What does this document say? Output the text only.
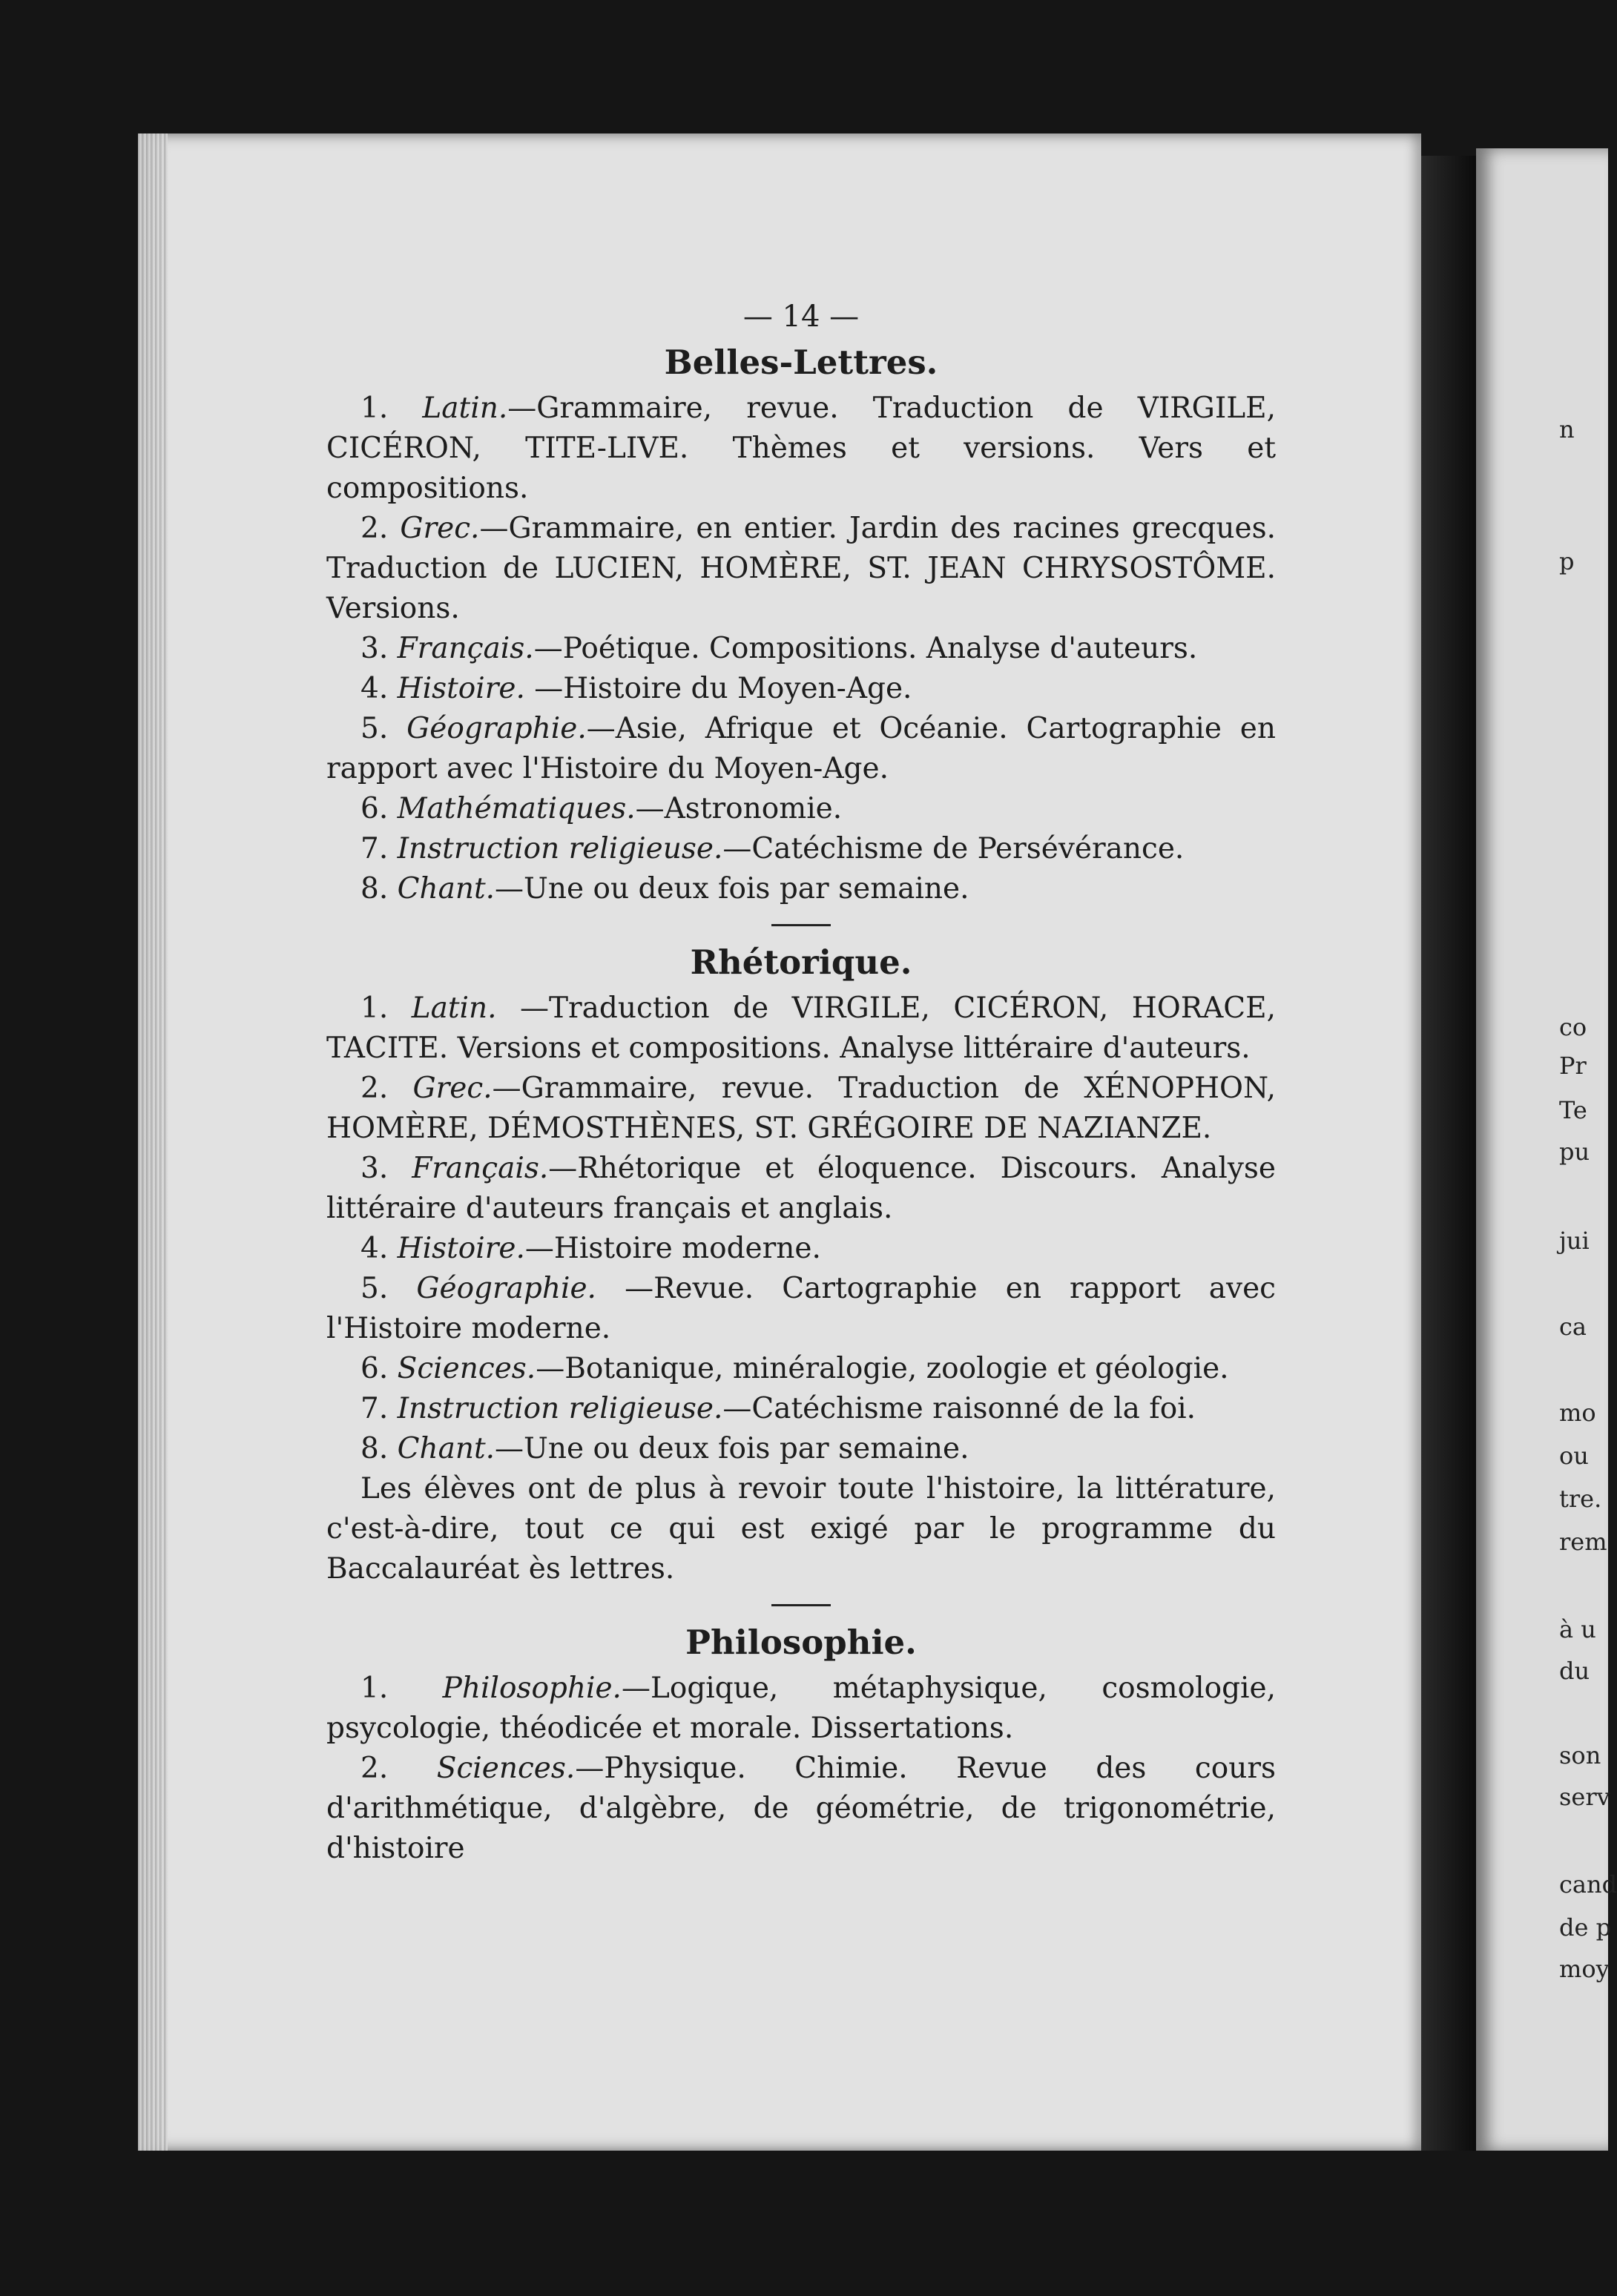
n
p
co
Pr
Te
pu
jui
ca
mo
ou
tre.
rem
à u
du
son
serv
cand
de p
moy
— 14 —
Belles-Lettres.

1. Latin.—Grammaire, revue. Traduction de VIRGILE, CICÉRON, TITE-LIVE. Thèmes et versions. Vers et compositions.

2. Grec.—Grammaire, en entier. Jardin des racines grecques. Traduction de LUCIEN, HOMÈRE, ST. JEAN CHRYSOSTÔME. Versions.

3. Français.—Poétique. Compositions. Analyse d'auteurs.

4. Histoire. —Histoire du Moyen-Age.

5. Géographie.—Asie, Afrique et Océanie. Cartographie en rapport avec l'Histoire du Moyen-Age.

6. Mathématiques.—Astronomie.

7. Instruction religieuse.—Catéchisme de Persévérance.

8. Chant.—Une ou deux fois par semaine.

Rhétorique.

1. Latin. —Traduction de VIRGILE, CICÉRON, HORACE, TACITE. Versions et compositions. Analyse littéraire d'auteurs.

2. Grec.—Grammaire, revue. Traduction de XÉNOPHON, HOMÈRE, DÉMOSTHÈNES, ST. GRÉGOIRE DE NAZIANZE.

3. Français.—Rhétorique et éloquence. Discours. Analyse littéraire d'auteurs français et anglais.

4. Histoire.—Histoire moderne.

5. Géographie. —Revue. Cartographie en rapport avec l'Histoire moderne.

6. Sciences.—Botanique, minéralogie, zoologie et géologie.

7. Instruction religieuse.—Catéchisme raisonné de la foi.

8. Chant.—Une ou deux fois par semaine.

Les élèves ont de plus à revoir toute l'histoire, la littérature, c'est-à-dire, tout ce qui est exigé par le programme du Baccalauréat ès lettres.

Philosophie.

1. Philosophie.—Logique, métaphysique, cosmologie, psycologie, théodicée et morale. Dissertations.

2. Sciences.—Physique. Chimie. Revue des cours d'arithmétique, d'algèbre, de géométrie, de trigonométrie, d'histoire
